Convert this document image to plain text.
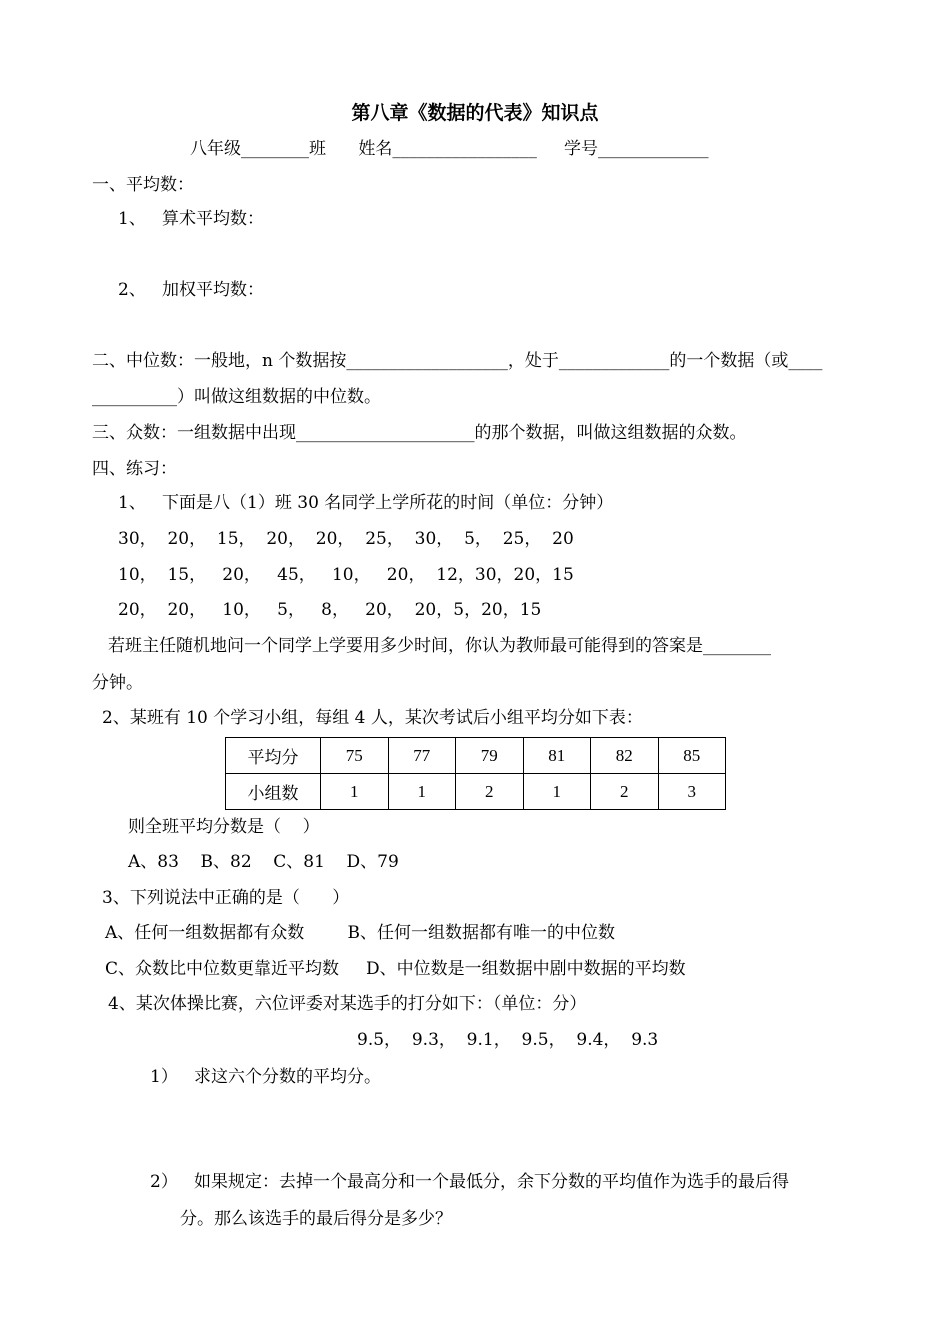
第八章《数据的代表》知识点
八年级________班      姓名_________________     学号_____________
一、平均数：
1、   算术平均数：
2、   加权平均数：
二、中位数：一般地，n 个数据按___________________，处于_____________的一个数据（或____
__________）叫做这组数据的中位数。
三、众数：一组数据中出现_____________________的那个数据，叫做这组数据的众数。
四、练习：
1、   下面是八（1）班 30 名同学上学所花的时间（单位：分钟）
30，  20，  15，  20，  20，  25，  30，  5，  25，  20
10，  15，   20，   45，   10，   20，  12，30，20，15
20，  20，   10，   5，   8，   20，  20，5，20，15
若班主任随机地问一个同学上学要用多少时间，你认为教师最可能得到的答案是________
分钟。
2、某班有 10 个学习小组，每组 4 人，某次考试后小组平均分如下表：
平均分	75	77	79	81	82	85
小组数	1	1	2	1	2	3
则全班平均分数是（    ）
A、83    B、82    C、81    D、79
3、下列说法中正确的是（      ）
A、任何一组数据都有众数        B、任何一组数据都有唯一的中位数
C、众数比中位数更靠近平均数     D、中位数是一组数据中剧中数据的平均数
4、某次体操比赛，六位评委对某选手的打分如下：（单位：分）
9.5，  9.3，  9.1，  9.5，  9.4，  9.3
1）   求这六个分数的平均分。
2）   如果规定：去掉一个最高分和一个最低分，余下分数的平均值作为选手的最后得
分。那么该选手的最后得分是多少？
